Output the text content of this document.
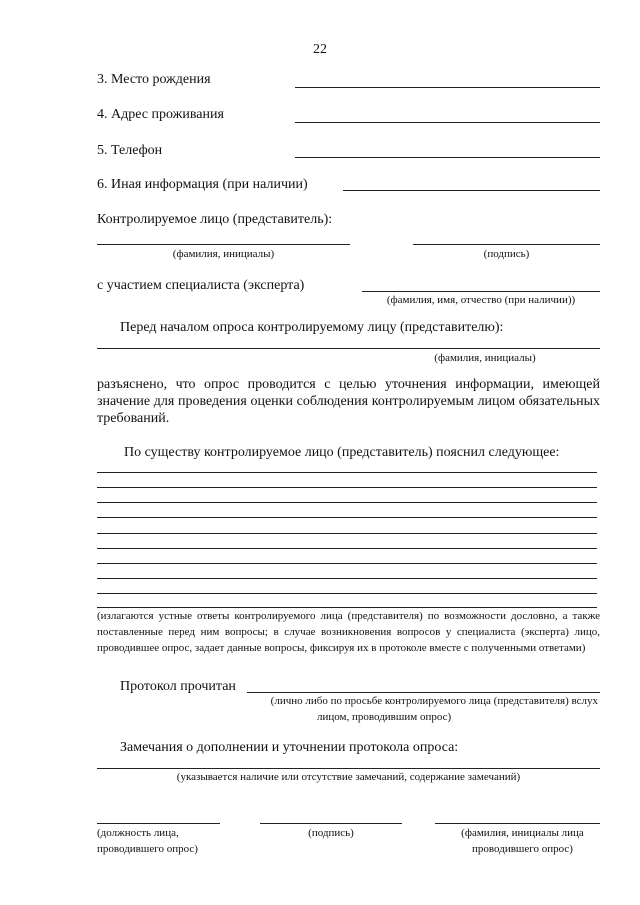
22
3. Место рождения
4. Адрес проживания
5. Телефон
6. Иная информация (при наличии)
Контролируемое лицо (представитель):
(фамилия, инициалы)	(подпись)
с участием специалиста (эксперта)
(фамилия, имя, отчество (при наличии))
Перед началом опроса контролируемому лицу (представителю):
(фамилия, инициалы)
разъяснено, что опрос проводится с целью уточнения информации, имеющей значение для проведения оценки соблюдения контролируемым лицом обязательных требований.
По существу контролируемое лицо (представитель) пояснил следующее:
(излагаются устные ответы контролируемого лица (представителя) по возможности дословно, а также поставленные перед ним вопросы; в случае возникновения вопросов у специалиста (эксперта) лицо, проводившее опрос, задает данные вопросы, фиксируя их в протоколе вместе с полученными ответами)
Протокол прочитан
(лично либо по просьбе контролируемого лица (представителя) вслух
лицом, проводившим опрос)
Замечания о дополнении и уточнении протокола опроса:
(указывается наличие или отсутствие замечаний, содержание замечаний)
(должность лица,
проводившего опрос)
(подпись)	(фамилия, инициалы лица
проводившего опрос)
